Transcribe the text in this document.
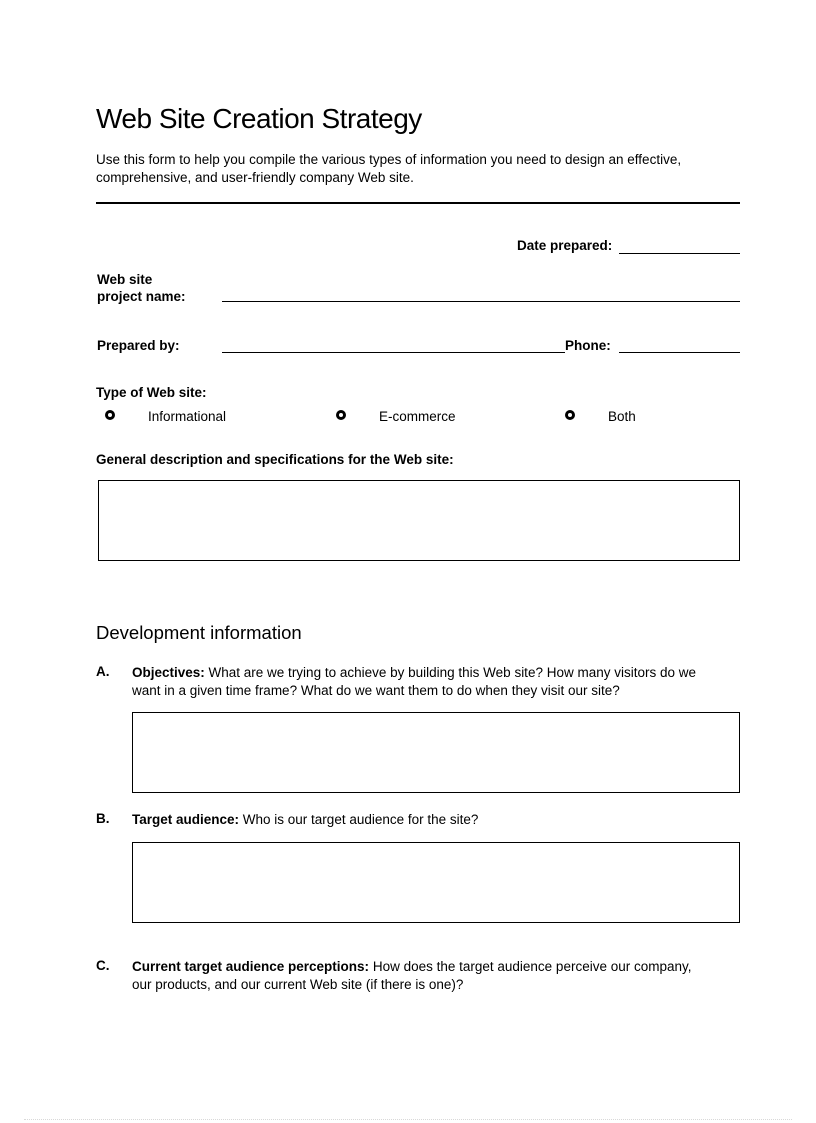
Web Site Creation Strategy
Use this form to help you compile the various types of information you need to design an effective, comprehensive, and user-friendly company Web site.
Date prepared:
Web site
project name:
Prepared by:	Phone:
Type of Web site:
Informational	E-commerce	Both
General description and specifications for the Web site:
Development information
A. Objectives: What are we trying to achieve by building this Web site? How many visitors do we want in a given time frame? What do we want them to do when they visit our site?
B. Target audience: Who is our target audience for the site?
C. Current target audience perceptions: How does the target audience perceive our company, our products, and our current Web site (if there is one)?
